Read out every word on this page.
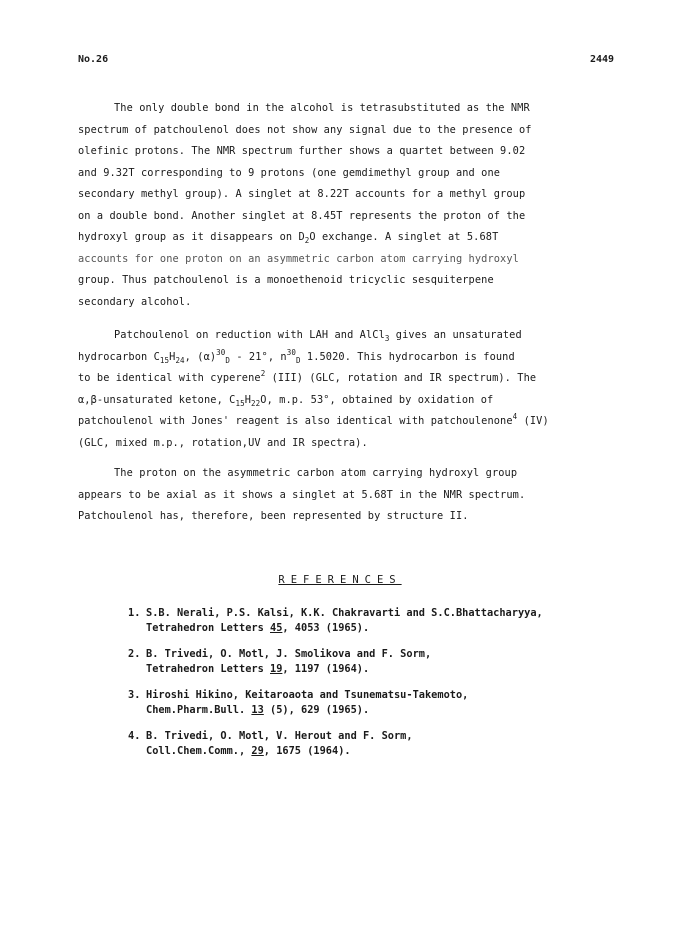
No.26	2449
The only double bond in the alcohol is tetrasubstituted as the NMR
spectrum of patchoulenol does not show any signal due to the presence of
olefinic protons. The NMR spectrum further shows a quartet between 9.02
and 9.32T corresponding to 9 protons (one gemdimethyl group and one
secondary methyl group). A singlet at 8.22T accounts for a methyl group
on a double bond. Another singlet at 8.45T represents the proton of the
hydroxyl group as it disappears on $D_2O$ exchange. A singlet at 5.68T
accounts for one proton on an asymmetric carbon atom carrying hydroxyl
group. Thus patchoulenol is a monoethenoid tricyclic sesquiterpene
secondary alcohol.
Patchoulenol on reduction with LAH and AlCl$_3$ gives an unsaturated
hydrocarbon $C_{15}H_{24}$, $(\alpha)^{30}_D - 21^\circ$, $n^{30}_D$ 1.5020. This hydrocarbon is found
to be identical with cyperene$^2$ (III) (GLC, rotation and IR spectrum). The
α,β-unsaturated ketone, $C_{15}H_{22}O$, m.p. 53°, obtained by oxidation of
patchoulenol with Jones' reagent is also identical with patchoulenone$^4$ (IV)
(GLC, mixed m.p., rotation,UV and IR spectra).
The proton on the asymmetric carbon atom carrying hydroxyl group
appears to be axial as it shows a singlet at 5.68T in the NMR spectrum.
Patchoulenol has, therefore, been represented by structure II.
REFERENCES
1. S.B. Nerali, P.S. Kalsi, K.K. Chakravarti and S.C.Bhattacharyya,
Tetrahedron Letters 45, 4053 (1965).
2. B. Trivedi, O. Motl, J. Smolikova and F. Sorm,
Tetrahedron Letters 19, 1197 (1964).
3. Hiroshi Hikino, Keitaroaota and Tsunematsu-Takemoto,
Chem.Pharm.Bull. 13 (5), 629 (1965).
4. B. Trivedi, O. Motl, V. Herout and F. Sorm,
Coll.Chem.Comm., 29, 1675 (1964).
